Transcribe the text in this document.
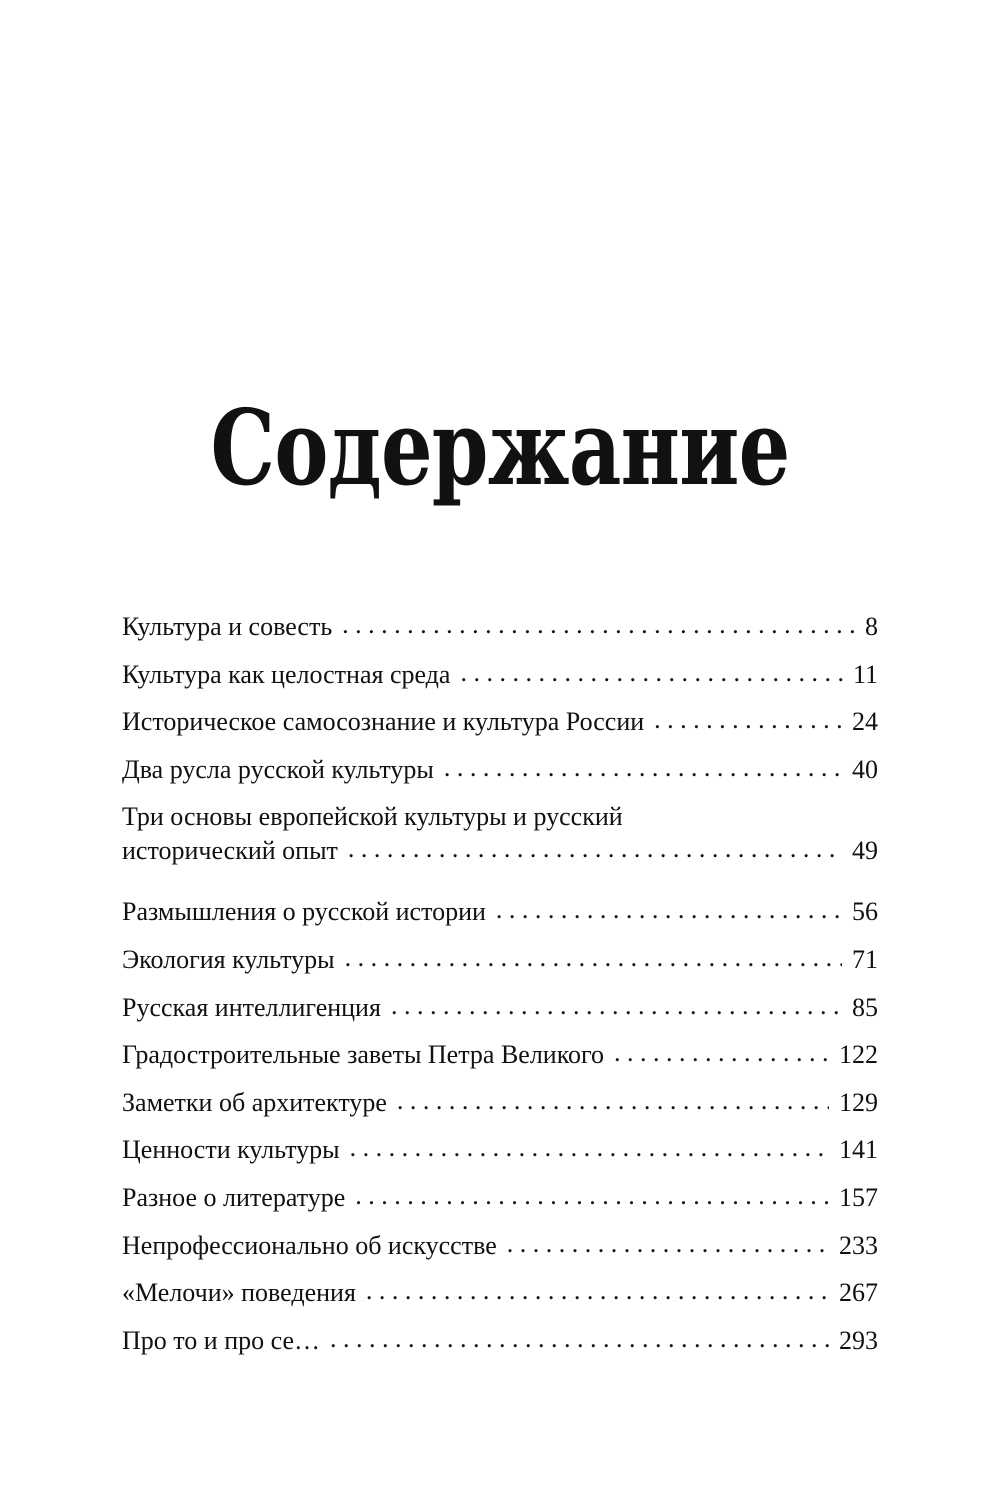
Содержание
Культура и совесть . . .	8
Культура как целостная среда . . .	11
Историческое самосознание и культура России . . .	24
Два русла русской культуры . . .	40
Три основы европейской культуры и русский
исторический опыт . . .	49
Размышления о русской истории . . .	56
Экология культуры . . .	71
Русская интеллигенция . . .	85
Градостроительные заветы Петра Великого . . .	122
Заметки об архитектуре . . .	129
Ценности культуры . . .	141
Разное о литературе . . .	157
Непрофессионально об искусстве . . .	233
«Мелочи» поведения . . .	267
Про то и про се… . . .	293
